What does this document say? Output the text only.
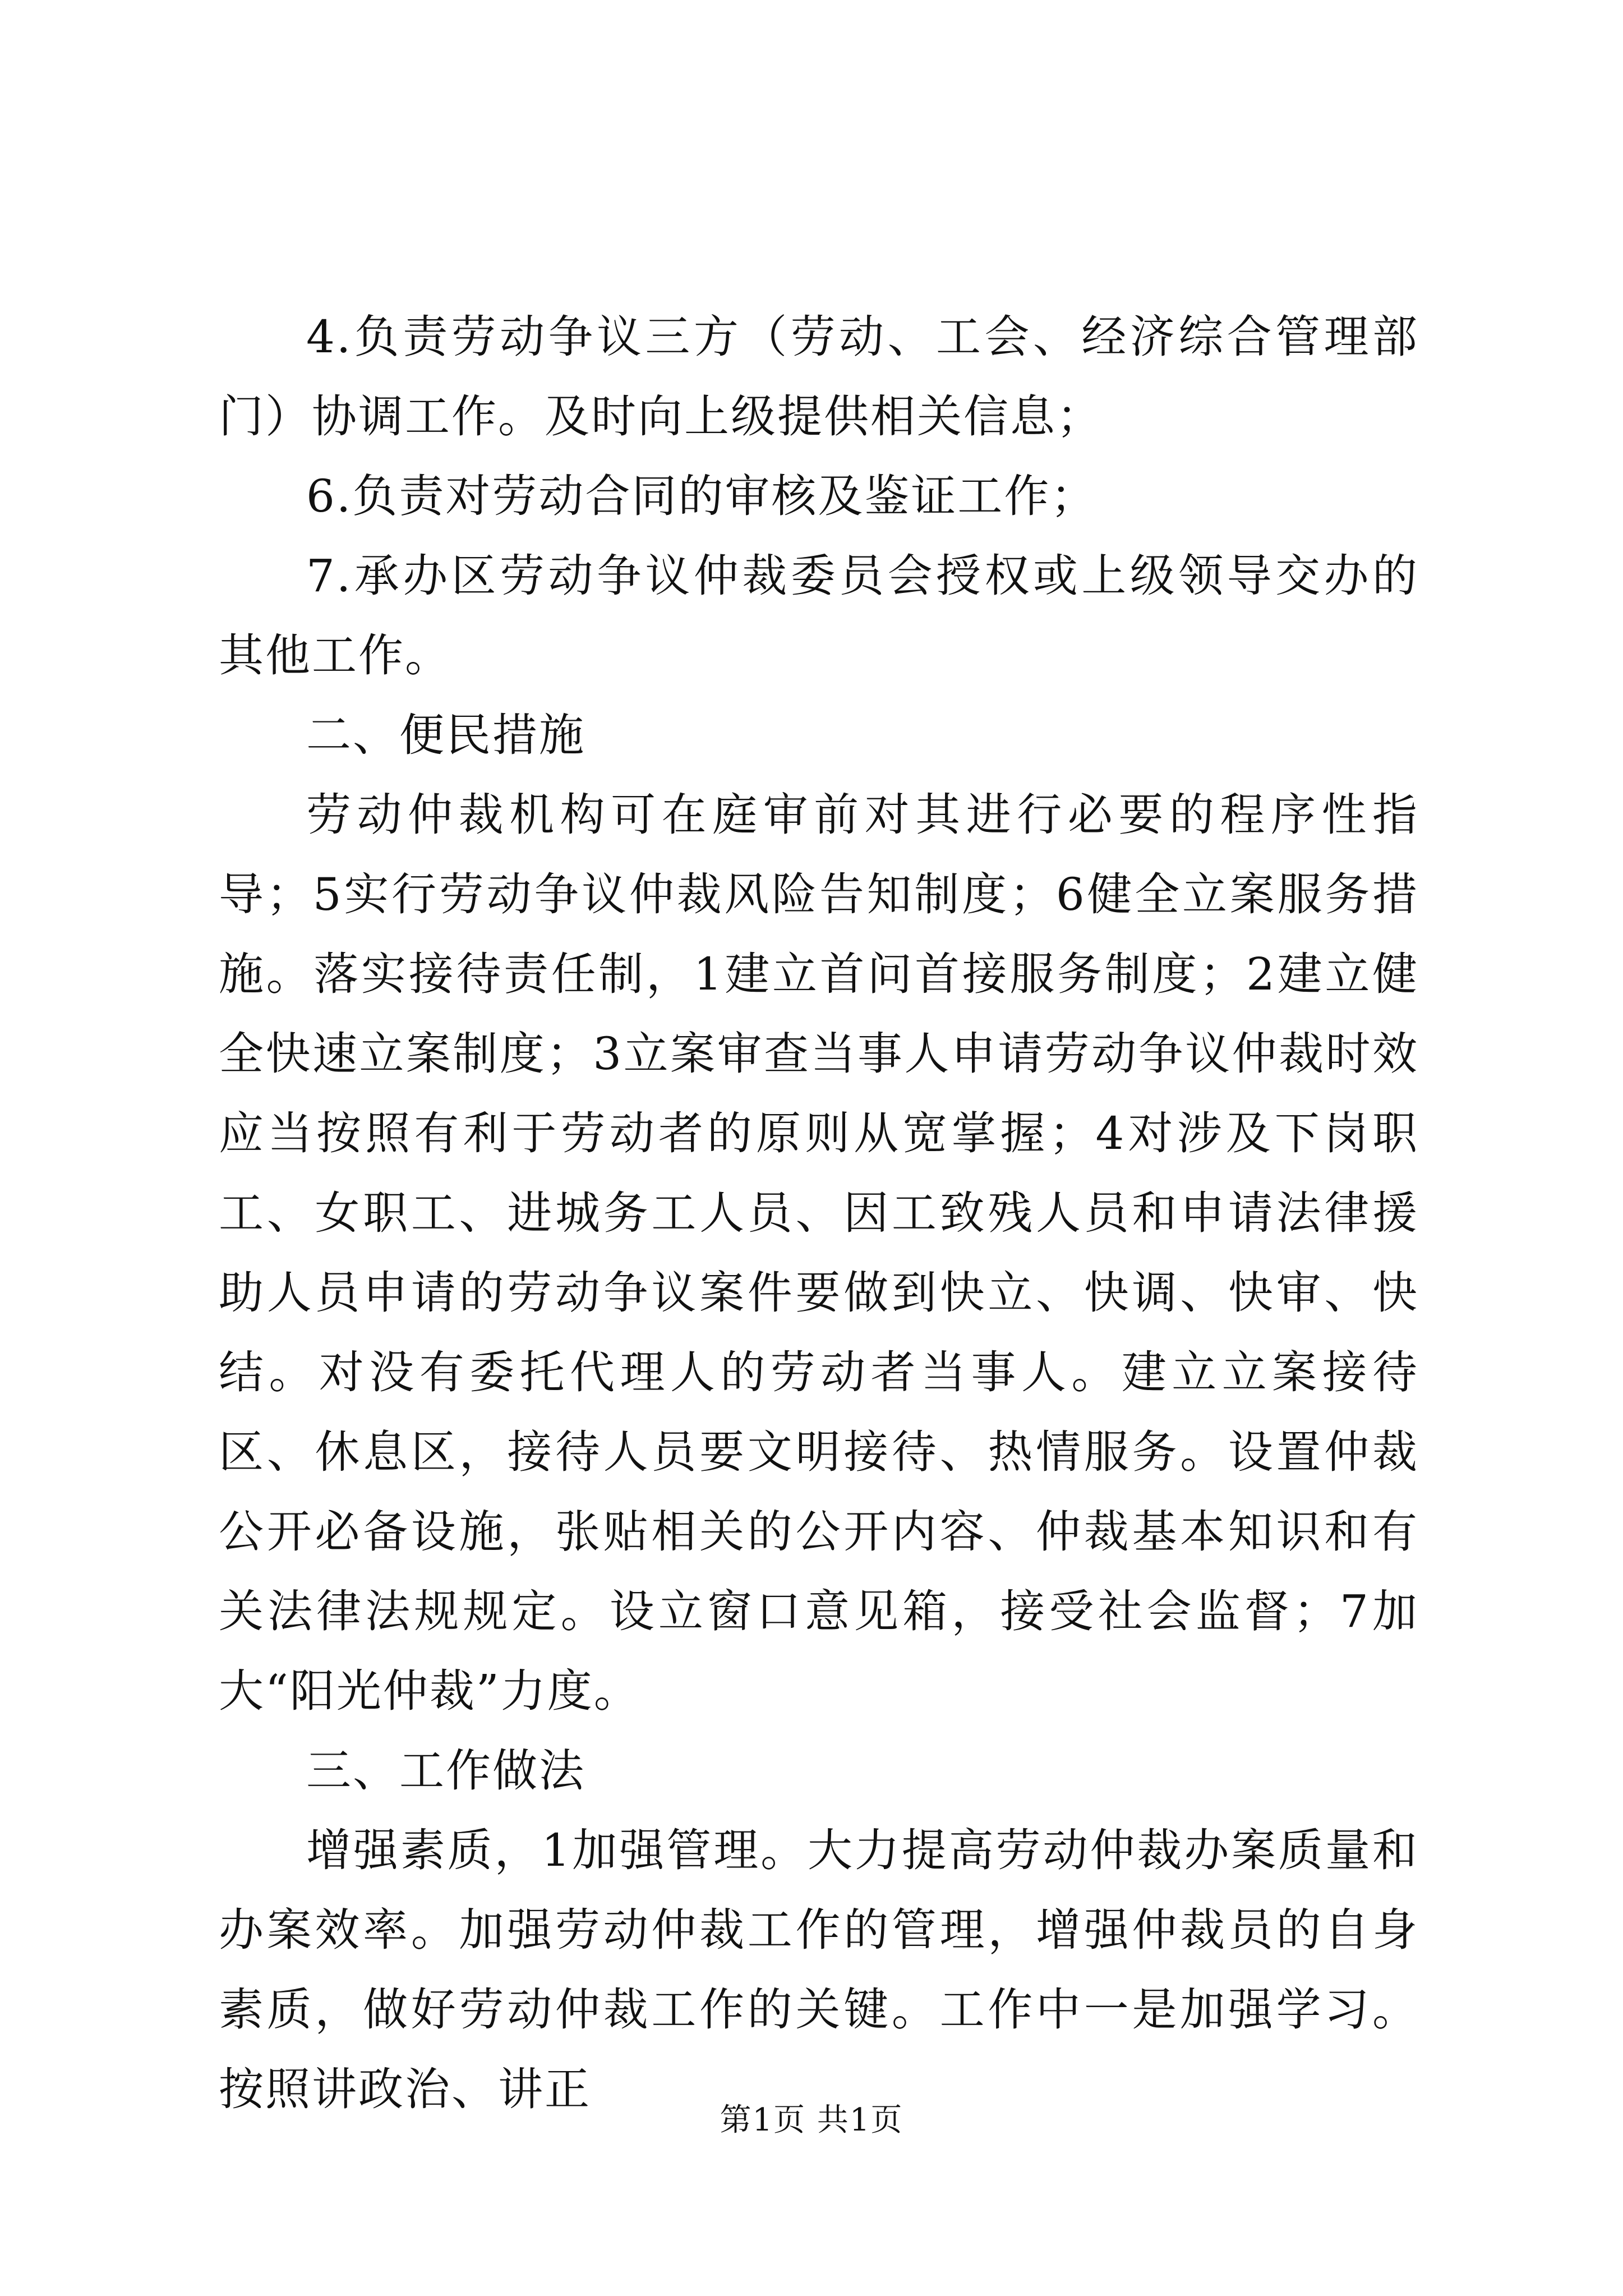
4.负责劳动争议三方（劳动、工会、经济综合管理部门）协调工作。及时向上级提供相关信息；

6.负责对劳动合同的审核及鉴证工作；

7.承办区劳动争议仲裁委员会授权或上级领导交办的其他工作。

二、便民措施

劳动仲裁机构可在庭审前对其进行必要的程序性指导；5实行劳动争议仲裁风险告知制度；6健全立案服务措施。落实接待责任制，1建立首问首接服务制度；2建立健全快速立案制度；3立案审查当事人申请劳动争议仲裁时效应当按照有利于劳动者的原则从宽掌握；4对涉及下岗职工、女职工、进城务工人员、因工致残人员和申请法律援助人员申请的劳动争议案件要做到快立、快调、快审、快结。对没有委托代理人的劳动者当事人。建立立案接待区、休息区，接待人员要文明接待、热情服务。设置仲裁公开必备设施，张贴相关的公开内容、仲裁基本知识和有关法律法规规定。设立窗口意见箱，接受社会监督；7加大“阳光仲裁”力度。

三、工作做法

增强素质，1加强管理。大力提高劳动仲裁办案质量和办案效率。加强劳动仲裁工作的管理，增强仲裁员的自身素质，做好劳动仲裁工作的关键。工作中一是加强学习。按照讲政治、讲正

第1页 共1页
